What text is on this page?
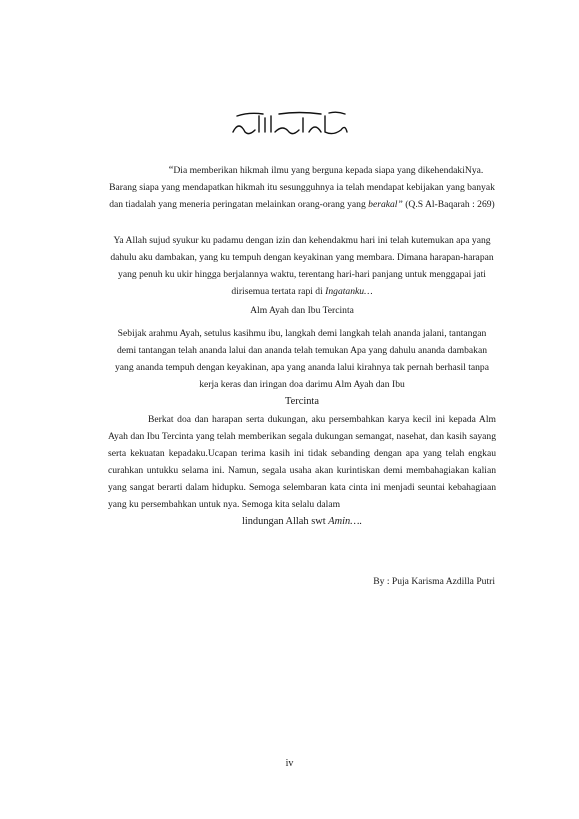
بِسْمِ اللَّهِ الرَّحْمَنِ الرَّحِيمِ
“Dia memberikan hikmah ilmu yang berguna kepada siapa yang dikehendakiNya. Barang siapa yang mendapatkan hikmah itu sesungguhnya ia telah mendapat kebijakan yang banyak dan tiadalah yang meneria peringatan melainkan orang-orang yang berakal” (Q.S Al-Baqarah : 269)
Ya Allah sujud syukur ku padamu dengan izin dan kehendakmu hari ini telah kutemukan apa yang dahulu aku dambakan, yang ku tempuh dengan keyakinan yang membara. Dimana harapan-harapan yang penuh ku ukir hingga berjalannya waktu, terentang hari-hari panjang untuk menggapai jati dirisemua tertata rapi di Ingatanku…
Alm Ayah dan Ibu Tercinta
Sebijak arahmu Ayah, setulus kasihmu ibu, langkah demi langkah telah ananda jalani, tantangan demi tantangan telah ananda lalui dan ananda telah temukan Apa yang dahulu ananda dambakan yang ananda tempuh dengan keyakinan, apa yang ananda lalui kirahnya tak pernah berhasil tanpa kerja keras dan iringan doa darimu Alm Ayah dan Ibu
Tercinta
Berkat doa dan harapan serta dukungan, aku persembahkan karya kecil ini kepada Alm Ayah dan Ibu Tercinta yang telah memberikan segala dukungan semangat, nasehat, dan kasih sayang serta kekuatan kepadaku.Ucapan terima kasih ini tidak sebanding dengan apa yang telah engkau curahkan untukku selama ini. Namun, segala usaha akan kurintiskan demi membahagiakan kalian yang sangat berarti dalam hidupku. Semoga selembaran kata cinta ini menjadi seuntai kebahagiaan yang ku persembahkan untuk nya. Semoga kita selalu dalam
lindungan Allah swt Amin….
By : Puja Karisma Azdilla Putri
iv
